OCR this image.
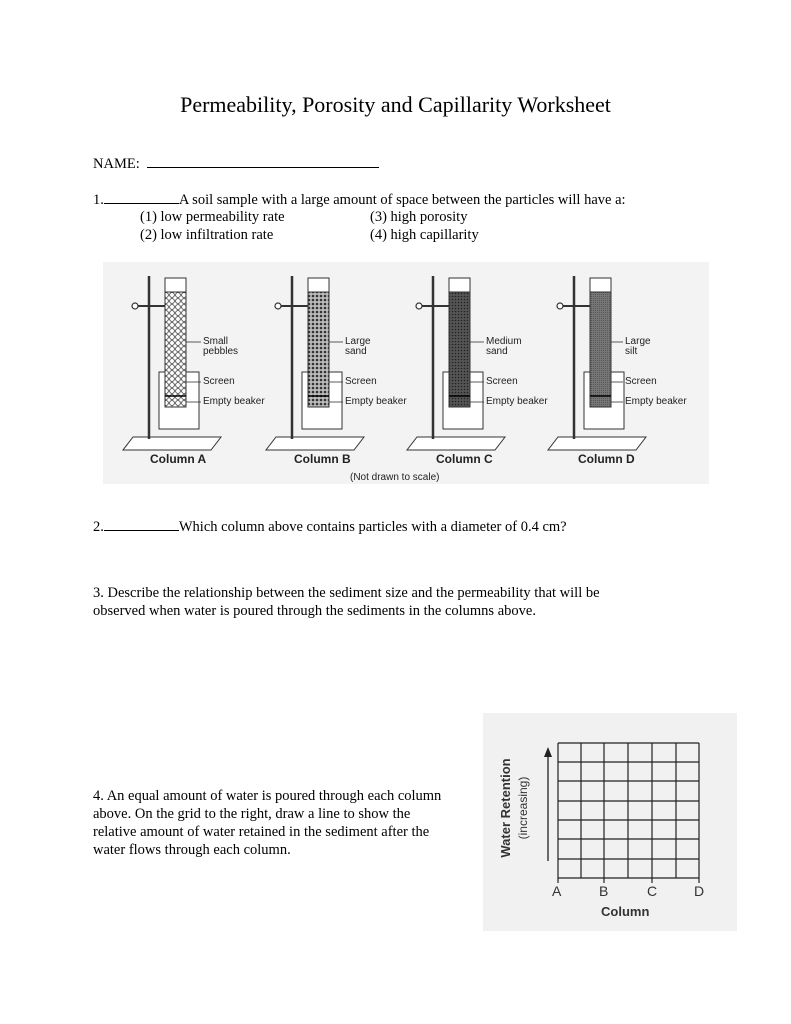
Permeability, Porosity and Capillarity Worksheet
NAME:
1.	A soil sample with a large amount of space between the particles will have a:
(1) low permeability rate
(2) low infiltration rate
(3) high porosity
(4) high capillarity
Small
pebbles
Screen
Empty beaker
Column A
Large
sand
Screen
Empty beaker
Column B
Medium
sand
Screen
Empty beaker
Column C
Large
silt
Screen
Empty beaker
Column D
(Not drawn to scale)
2.	Which column above contains particles with a diameter of 0.4 cm?
3. Describe the relationship between the sediment size and the permeability that will be
observed when water is poured through the sediments in the columns above.
4. An equal amount of water is poured through each column
above. On the grid to the right, draw a line to show the
relative amount of water retained in the sediment after the
water flows through each column.	Water Retention (increasing)
A	B	C	D
Column
